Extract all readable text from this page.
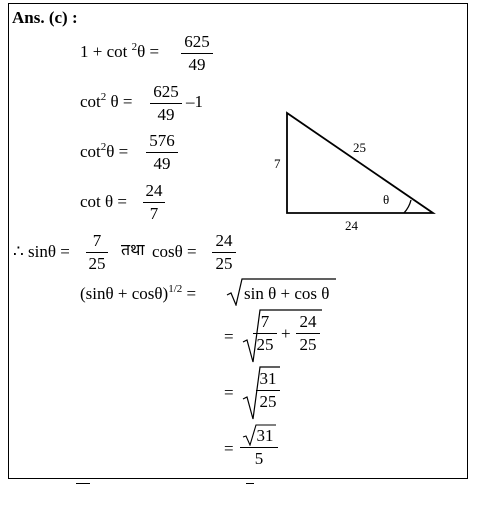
Ans. (c) :
1 + cot $^2$θ =
625
49
$\cot^2 \theta$ =
625
49
–1
$\cot^2\theta$ =
576
49
cot θ =
24
7
∴ sinθ =
7
25
तथा cosθ =
24
25
$(\sin\theta + \cos\theta)^{1/2}$ =	sin θ + cos θ
=
7
25
+
24
25
=
31
25
=
31
5
7
25
24
θ
